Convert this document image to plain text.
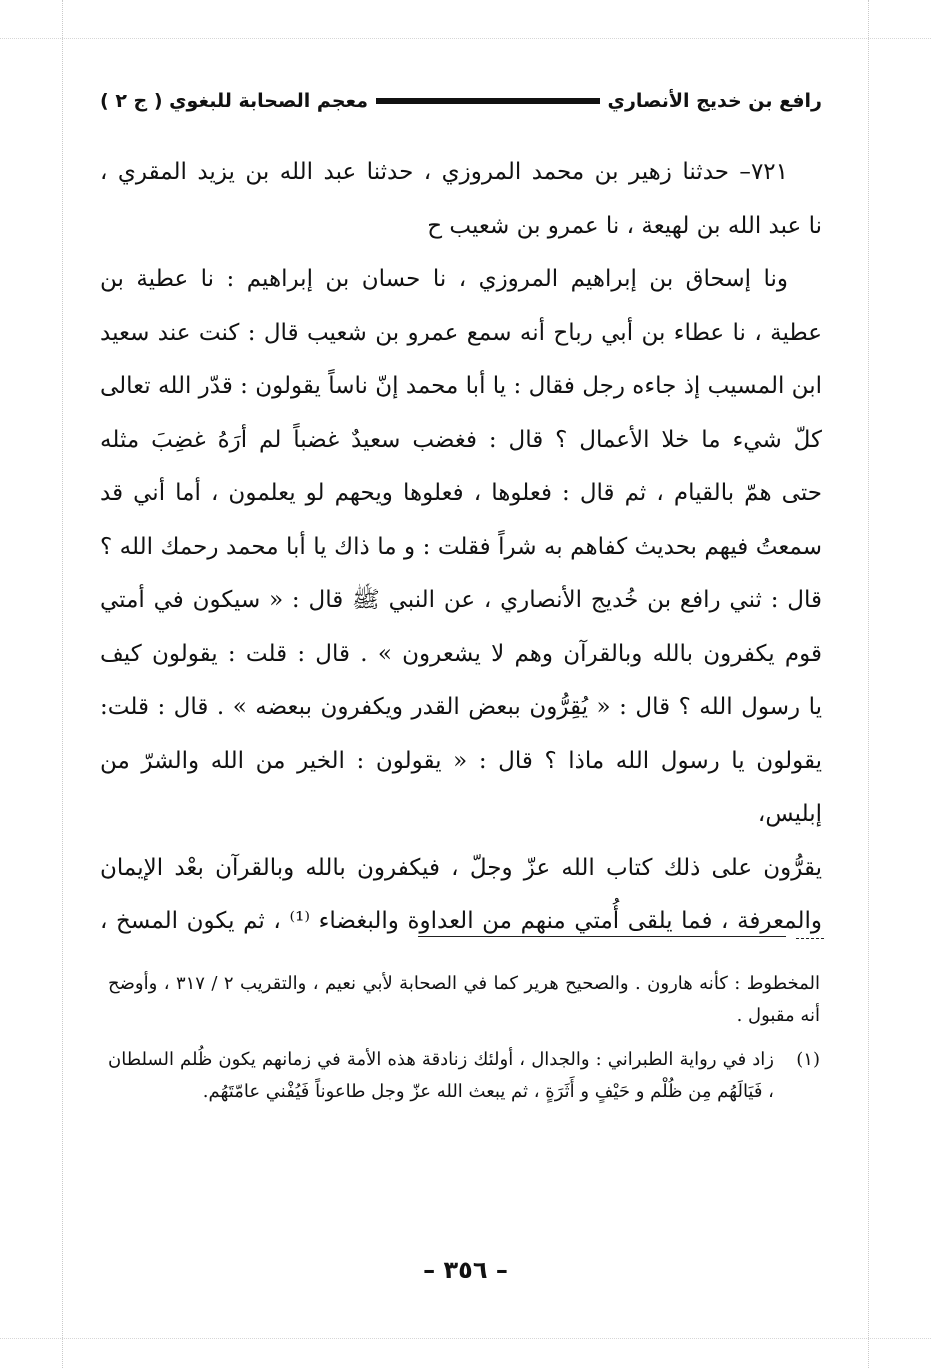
رافع بن خديج الأنصاري
معجم الصحابة للبغوي ( ج ٢ )

٧٢١– حدثنا زهير بن محمد المروزي ، حدثنا عبد الله بن يزيد المقري ،

نا عبد الله بن لهيعة ، نا عمرو بن شعيب ح

ونا إسحاق بن إبراهيم المروزي ، نا حسان بن إبراهيم : نا عطية بن

عطية ، نا عطاء بن أبي رباح أنه سمع عمرو بن شعيب قال : كنت عند سعيد

ابن المسيب إذ جاءه رجل فقال : يا أبا محمد إنّ ناساً يقولون : قدّر الله تعالى

كلّ شيء ما خلا الأعمال ؟ قال : فغضب سعيدٌ غضباً لم أرَهُ غضِبَ مثله

حتى همّ بالقيام ، ثم قال : فعلوها ، فعلوها ويحهم لو يعلمون ، أما أني قد

سمعتُ فيهم بحديث كفاهم به شراً فقلت : و ما ذاك يا أبا محمد رحمك الله ؟

قال : ثني رافع بن خُديج الأنصاري ، عن النبي ﷺ قال : « سيكون في أمتي

قوم يكفرون بالله وبالقرآن وهم لا يشعرون » . قال : قلت : يقولون كيف

يا رسول الله ؟ قال : « يُقِرُّون ببعض القدر ويكفرون ببعضه » . قال : قلت:

يقولون يا رسول الله ماذا ؟ قال : « يقولون : الخير من الله والشرّ من إبليس،

يقرُّون على ذلك كتاب الله عزّ وجلّ ، فيكفرون بالله وبالقرآن بعْد الإيمان

والمعرفة ، فما يلقى أُمتي منهم من العداوة والبغضاء ⁽¹⁾ ، ثم يكون المسخ ،

المخطوط : كأنه هارون . والصحيح هرير كما في الصحابة لأبي نعيم ، والتقريب ٢ / ٣١٧ ، وأوضح أنه مقبول .

(١)
زاد في رواية الطبراني : والجدال ، أولئك زنادقة هذه الأمة في زمانهم يكون ظُلم السلطان ، فَيَالَهُم مِن ظُلْم و حَيْفٍ و أَثَرَةٍ ، ثم يبعث الله عزّ وجل طاعوناً فَيُفْني عامّتَهُم.
– ٣٥٦ –
